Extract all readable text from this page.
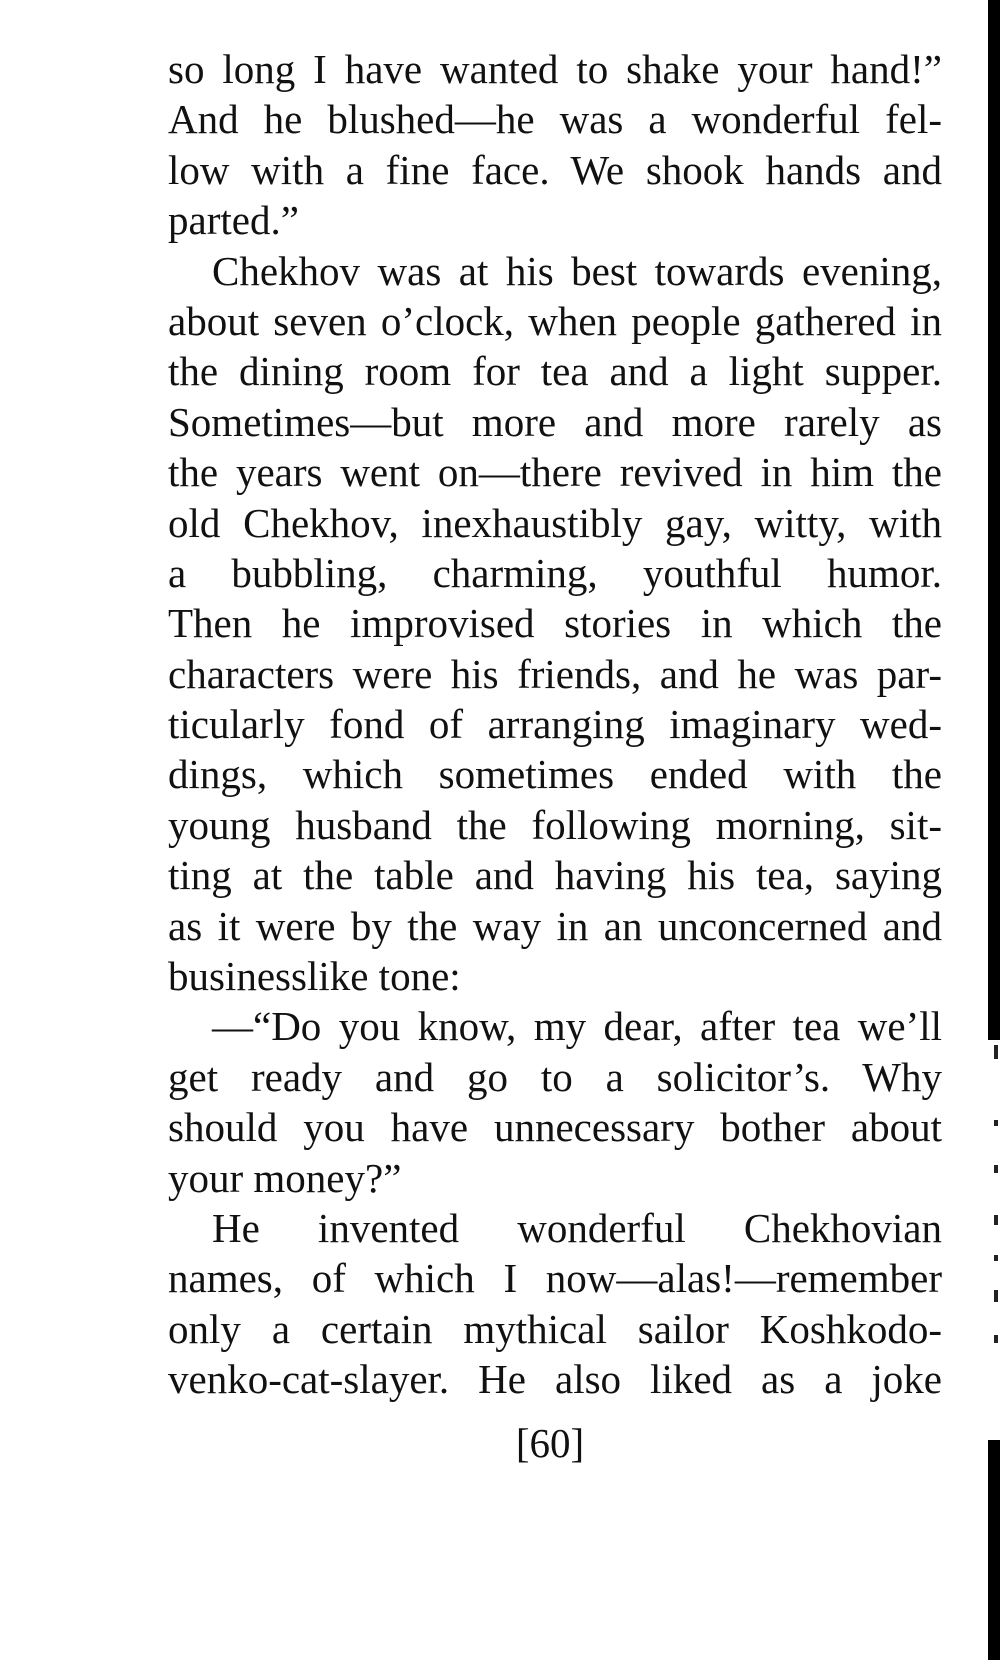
so long I have wanted to shake your hand!”
And he blushed—he was a wonderful fel-
low with a fine face. We shook hands and
parted.”
Chekhov was at his best towards evening,
about seven o’clock, when people gathered in
the dining room for tea and a light supper.
Sometimes—but more and more rarely as
the years went on—there revived in him the
old Chekhov, inexhaustibly gay, witty, with
a bubbling, charming, youthful humor.
Then he improvised stories in which the
characters were his friends, and he was par-
ticularly fond of arranging imaginary wed-
dings, which sometimes ended with the
young husband the following morning, sit-
ting at the table and having his tea, saying
as it were by the way in an unconcerned and
businesslike tone:
—“Do you know, my dear, after tea we’ll
get ready and go to a solicitor’s. Why
should you have unnecessary bother about
your money?”
He invented wonderful Chekhovian
names, of which I now—alas!—remember
only a certain mythical sailor Koshkodo-
venko-cat-slayer. He also liked as a joke
[60]
